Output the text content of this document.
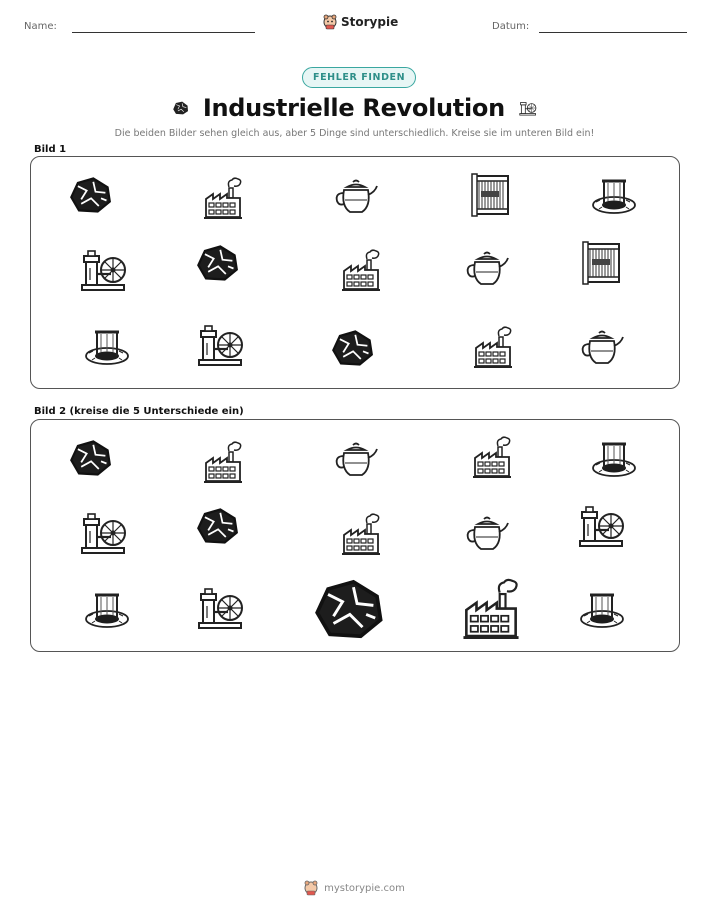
Name:	Storypie	Datum:
FEHLER FINDEN
Industrielle Revolution
Die beiden Bilder sehen gleich aus, aber 5 Dinge sind unterschiedlich. Kreise sie im unteren Bild ein!
Bild 1
Bild 2 (kreise die 5 Unterschiede ein)
mystorypie.com
